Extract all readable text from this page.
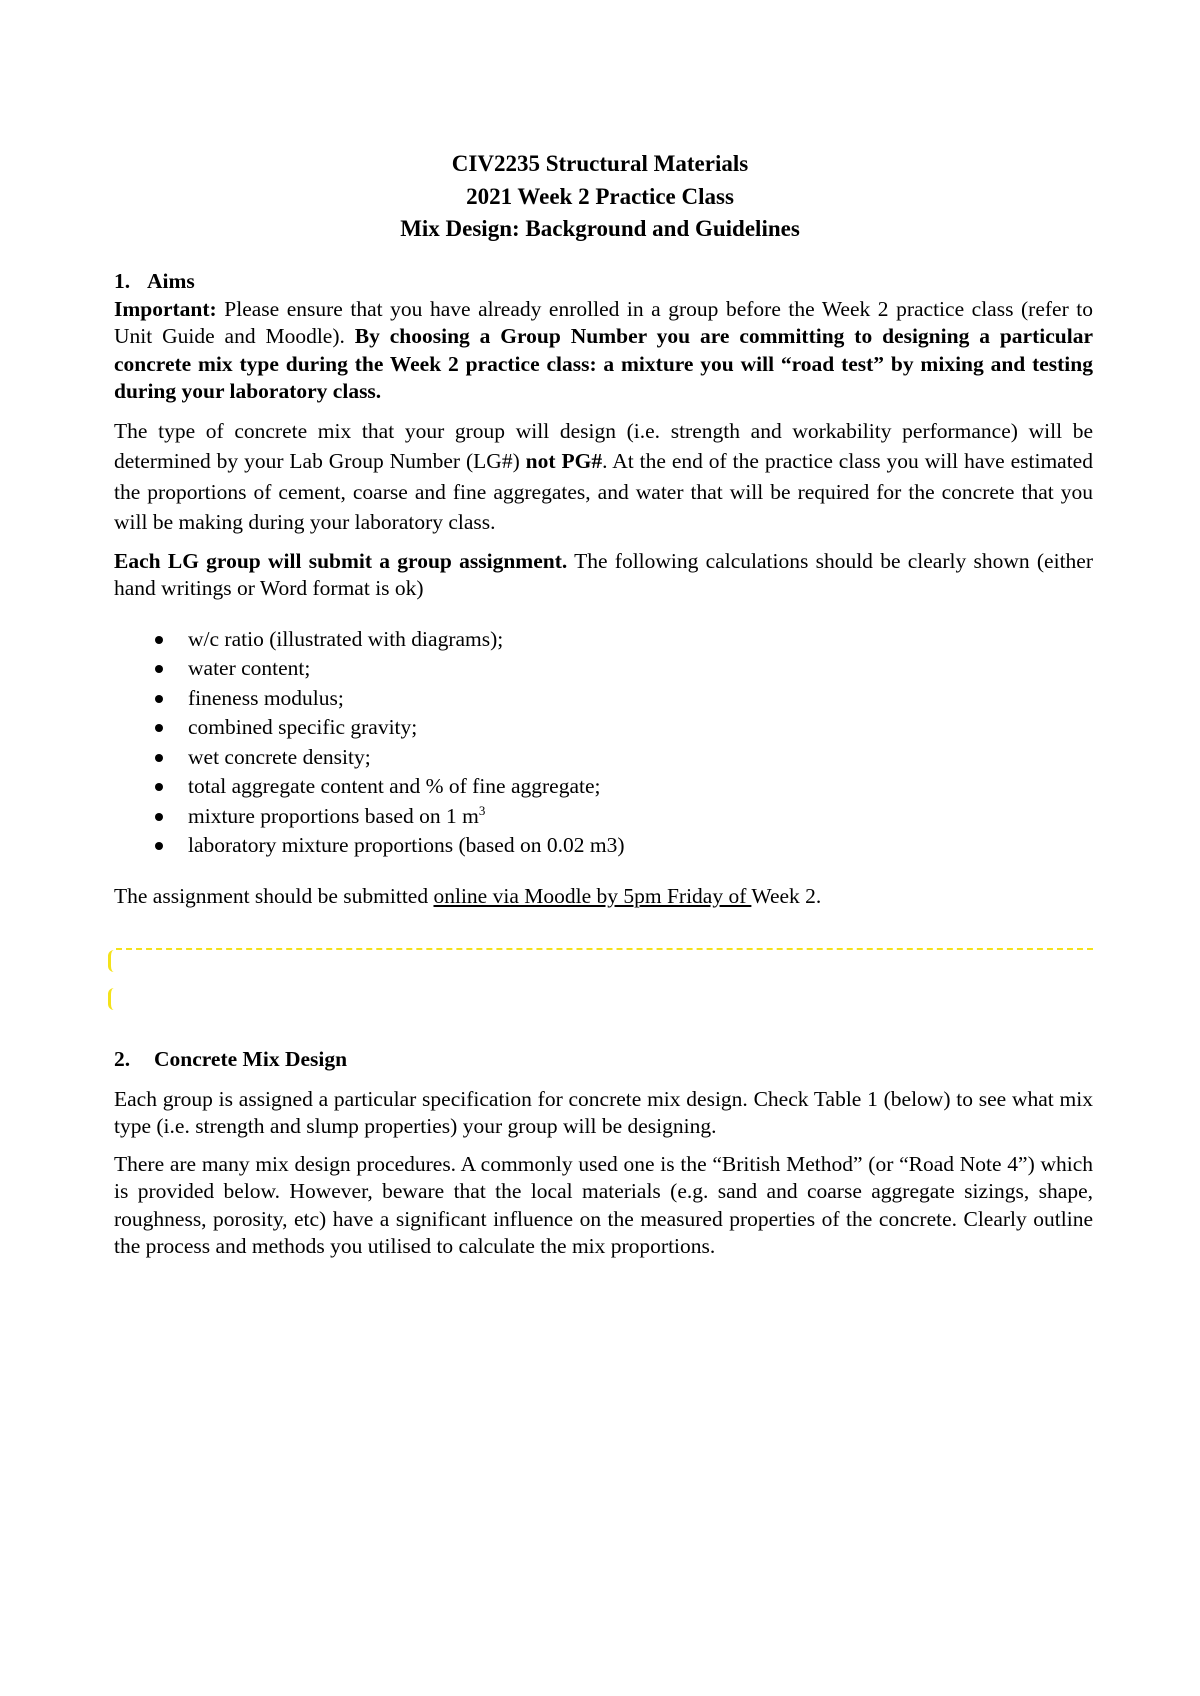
CIV2235 Structural Materials
2021 Week 2 Practice Class
Mix Design: Background and Guidelines
1. Aims

Important: Please ensure that you have already enrolled in a group before the Week 2 practice class (refer to Unit Guide and Moodle). By choosing a Group Number you are committing to designing a particular concrete mix type during the Week 2 practice class: a mixture you will “road test” by mixing and testing during your laboratory class.

The type of concrete mix that your group will design (i.e. strength and workability performance) will be determined by your Lab Group Number (LG#) not PG#. At the end of the practice class you will have estimated the proportions of cement, coarse and fine aggregates, and water that will be required for the concrete that you will be making during your laboratory class.

Each LG group will submit a group assignment. The following calculations should be clearly shown (either hand writings or Word format is ok)

w/c ratio (illustrated with diagrams);
water content;
fineness modulus;
combined specific gravity;
wet concrete density;
total aggregate content and % of fine aggregate;
mixture proportions based on 1 $m^3$
laboratory mixture proportions (based on 0.02 m3)

The assignment should be submitted online via Moodle by 5pm Friday of Week 2.

2. Concrete Mix Design

Each group is assigned a particular specification for concrete mix design. Check Table 1 (below) to see what mix type (i.e. strength and slump properties) your group will be designing.

There are many mix design procedures. A commonly used one is the “British Method” (or “Road Note 4”) which is provided below. However, beware that the local materials (e.g. sand and coarse aggregate sizings, shape, roughness, porosity, etc) have a significant influence on the measured properties of the concrete. Clearly outline the process and methods you utilised to calculate the mix proportions.
